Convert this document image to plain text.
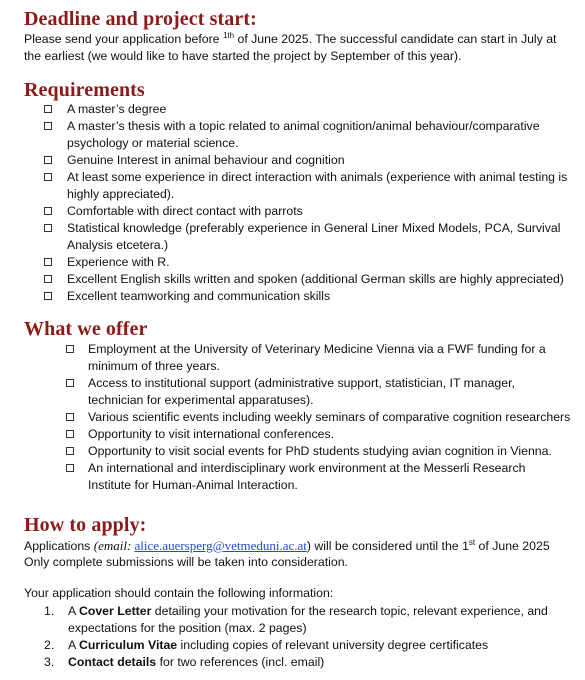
Deadline and project start:

Please send your application before $^{1th}$ of June 2025. The successful candidate can start in July at the earliest (we would like to have started the project by September of this year).

Requirements
A master’s degree
A master’s thesis with a topic related to animal cognition/animal behaviour/comparative psychology or material science.
Genuine Interest in animal behaviour and cognition
At least some experience in direct interaction with animals (experience with animal testing is highly appreciated).
Comfortable with direct contact with parrots
Statistical knowledge (preferably experience in General Liner Mixed Models, PCA, Survival Analysis etcetera.)
Experience with R.
Excellent English skills written and spoken (additional German skills are highly appreciated)
Excellent teamworking and communication skills
What we offer
Employment at the University of Veterinary Medicine Vienna via a FWF funding for a minimum of three years.
Access to institutional support (administrative support, statistician, IT manager, technician for experimental apparatuses).
Various scientific events including weekly seminars of comparative cognition researchers
Opportunity to visit international conferences.
Opportunity to visit social events for PhD students studying avian cognition in Vienna.
An international and interdisciplinary work environment at the Messerli Research Institute for Human-Animal Interaction.
How to apply:

Applications (email: alice.auersperg@vetmeduni.ac.at) will be considered until the 1st of June 2025

Only complete submissions will be taken into consideration.

Your application should contain the following information:

1. A Cover Letter detailing your motivation for the research topic, relevant experience, and expectations for the position (max. 2 pages)
2. A Curriculum Vitae including copies of relevant university degree certificates
3. Contact details for two references (incl. email)
